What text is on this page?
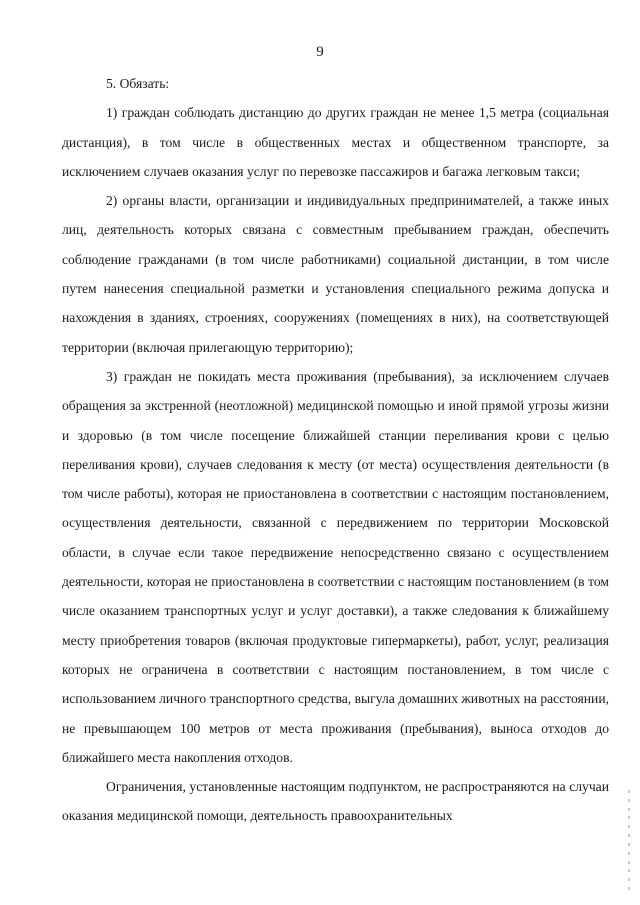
9

5. Обязать:

1) граждан соблюдать дистанцию до других граждан не менее 1,5 метра (социальная дистанция), в том числе в общественных местах и общественном транспорте, за исключением случаев оказания услуг по перевозке пассажиров и багажа легковым такси;

2) органы власти, организации и индивидуальных предпринимателей, а также иных лиц, деятельность которых связана с совместным пребыванием граждан, обеспечить соблюдение гражданами (в том числе работниками) социальной дистанции, в том числе путем нанесения специальной разметки и установления специального режима допуска и нахождения в зданиях, строениях, сооружениях (помещениях в них), на соответствующей территории (включая прилегающую территорию);

3) граждан не покидать места проживания (пребывания), за исключением случаев обращения за экстренной (неотложной) медицинской помощью и иной прямой угрозы жизни и здоровью (в том числе посещение ближайшей станции переливания крови с целью переливания крови), случаев следования к месту (от места) осуществления деятельности (в том числе работы), которая не приостановлена в соответствии с настоящим постановлением, осуществления деятельности, связанной с передвижением по территории Московской области, в случае если такое передвижение непосредственно связано с осуществлением деятельности, которая не приостановлена в соответствии с настоящим постановлением (в том числе оказанием транспортных услуг и услуг доставки), а также следования к ближайшему месту приобретения товаров (включая продуктовые гипермаркеты), работ, услуг, реализация которых не ограничена в соответствии с настоящим постановлением, в том числе с использованием личного транспортного средства, выгула домашних животных на расстоянии, не превышающем 100 метров от места проживания (пребывания), выноса отходов до ближайшего места накопления отходов.

Ограничения, установленные настоящим подпунктом, не распространяются на случаи оказания медицинской помощи, деятельность правоохранительных
